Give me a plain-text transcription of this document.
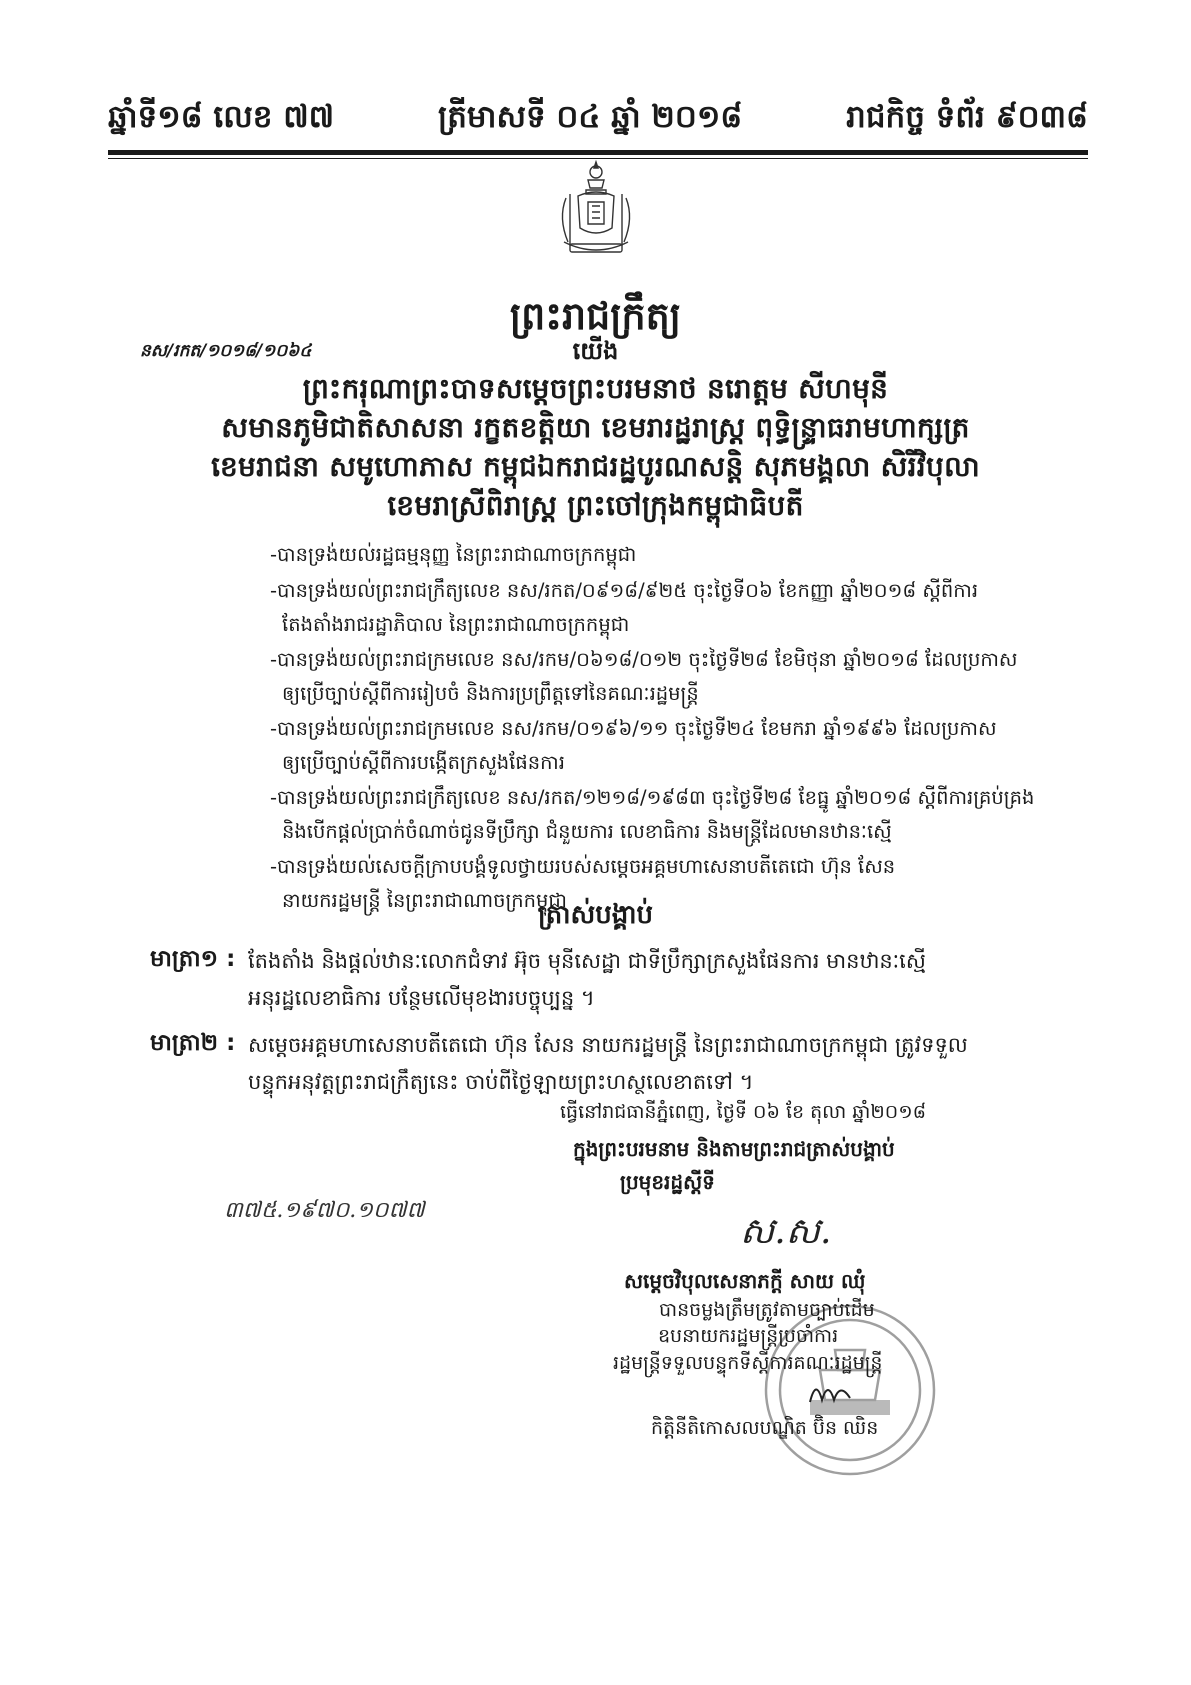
ឆ្នាំទី១៨ លេខ ៧៧	ត្រីមាសទី ០៤ ឆ្នាំ ២០១៨	រាជកិច្ច ទំព័រ ៩០៣៨
ព្រះរាជក្រឹត្យ
នស/រកត/១០១៨/១០៦៤	យើង
ព្រះករុណាព្រះបាទសម្តេចព្រះបរមនាថ នរោត្តម សីហមុនី
សមានភូមិជាតិសាសនា រក្ខតខត្តិយា ខេមរារដ្ឋរាស្ត្រ ពុទ្ធិន្ទ្រាធរាមហាក្សត្រ
ខេមរាជនា សមូហោភាស កម្ពុជឯករាជរដ្ឋបូរណសន្តិ សុភមង្គលា សិរីវិបុលា
ខេមរាស្រីពិរាស្ត្រ ព្រះចៅក្រុងកម្ពុជាធិបតី
-បានទ្រង់យល់រដ្ឋធម្មនុញ្ញ នៃព្រះរាជាណាចក្រកម្ពុជា
-បានទ្រង់យល់ព្រះរាជក្រឹត្យលេខ នស/រកត/០៩១៨/៩២៥ ចុះថ្ងៃទី០៦ ខែកញ្ញា ឆ្នាំ២០១៨ ស្តីពីការ
តែងតាំងរាជរដ្ឋាភិបាល នៃព្រះរាជាណាចក្រកម្ពុជា
-បានទ្រង់យល់ព្រះរាជក្រមលេខ នស/រកម/០៦១៨/០១២ ចុះថ្ងៃទី២៨ ខែមិថុនា ឆ្នាំ២០១៨ ដែលប្រកាស
ឲ្យប្រើច្បាប់ស្តីពីការរៀបចំ និងការប្រព្រឹត្តទៅនៃគណៈរដ្ឋមន្ត្រី
-បានទ្រង់យល់ព្រះរាជក្រមលេខ នស/រកម/០១៩៦/១១ ចុះថ្ងៃទី២៤ ខែមករា ឆ្នាំ១៩៩៦ ដែលប្រកាស
ឲ្យប្រើច្បាប់ស្តីពីការបង្កើតក្រសួងផែនការ
-បានទ្រង់យល់ព្រះរាជក្រឹត្យលេខ នស/រកត/១២១៨/១៩៨៣ ចុះថ្ងៃទី២៨ ខែធ្នូ ឆ្នាំ២០១៨ ស្តីពីការគ្រប់គ្រង
និងបើកផ្តល់ប្រាក់ចំណាច់ជូនទីប្រឹក្សា ជំនួយការ លេខាធិការ និងមន្ត្រីដែលមានឋានៈស្មើ
-បានទ្រង់យល់សេចក្តីក្រាបបង្គំទូលថ្វាយរបស់សម្តេចអគ្គមហាសេនាបតីតេជោ ហ៊ុន សែន
នាយករដ្ឋមន្ត្រី នៃព្រះរាជាណាចក្រកម្ពុជា
ត្រាស់បង្គាប់
មាត្រា១ : តែងតាំង និងផ្តល់ឋានៈលោកជំទាវ អ៊ុច មុនីសេដ្ឋា ជាទីប្រឹក្សាក្រសួងផែនការ មានឋានៈស្មើ
អនុរដ្ឋលេខាធិការ បន្ថែមលើមុខងារបច្ចុប្បន្ន ។
មាត្រា២ : សម្តេចអគ្គមហាសេនាបតីតេជោ ហ៊ុន សែន នាយករដ្ឋមន្ត្រី នៃព្រះរាជាណាចក្រកម្ពុជា ត្រូវទទួល
បន្ទុកអនុវត្តព្រះរាជក្រឹត្យនេះ ចាប់ពីថ្ងៃឡាយព្រះហស្ថលេខាតទៅ ។
ធ្វើនៅរាជធានីភ្នំពេញ, ថ្ងៃទី ០៦ ខែ តុលា ឆ្នាំ២០១៨
ក្នុងព្រះបរមនាម និងតាមព្រះរាជត្រាស់បង្គាប់
ប្រមុខរដ្ឋស្តីទី
៣៧៥.១៩៧០.១០៧៧
ស.ស.
សម្តេចវិបុលសេនាភក្តី សាយ ឈុំ
បានចម្លងត្រឹមត្រូវតាមច្បាប់ដើម
ឧបនាយករដ្ឋមន្ត្រីប្រចាំការ
រដ្ឋមន្ត្រីទទួលបន្ទុកទីស្តីការគណៈរដ្ឋមន្ត្រី
កិត្តិនីតិកោសលបណ្ឌិត ប៊ិន ឈិន
